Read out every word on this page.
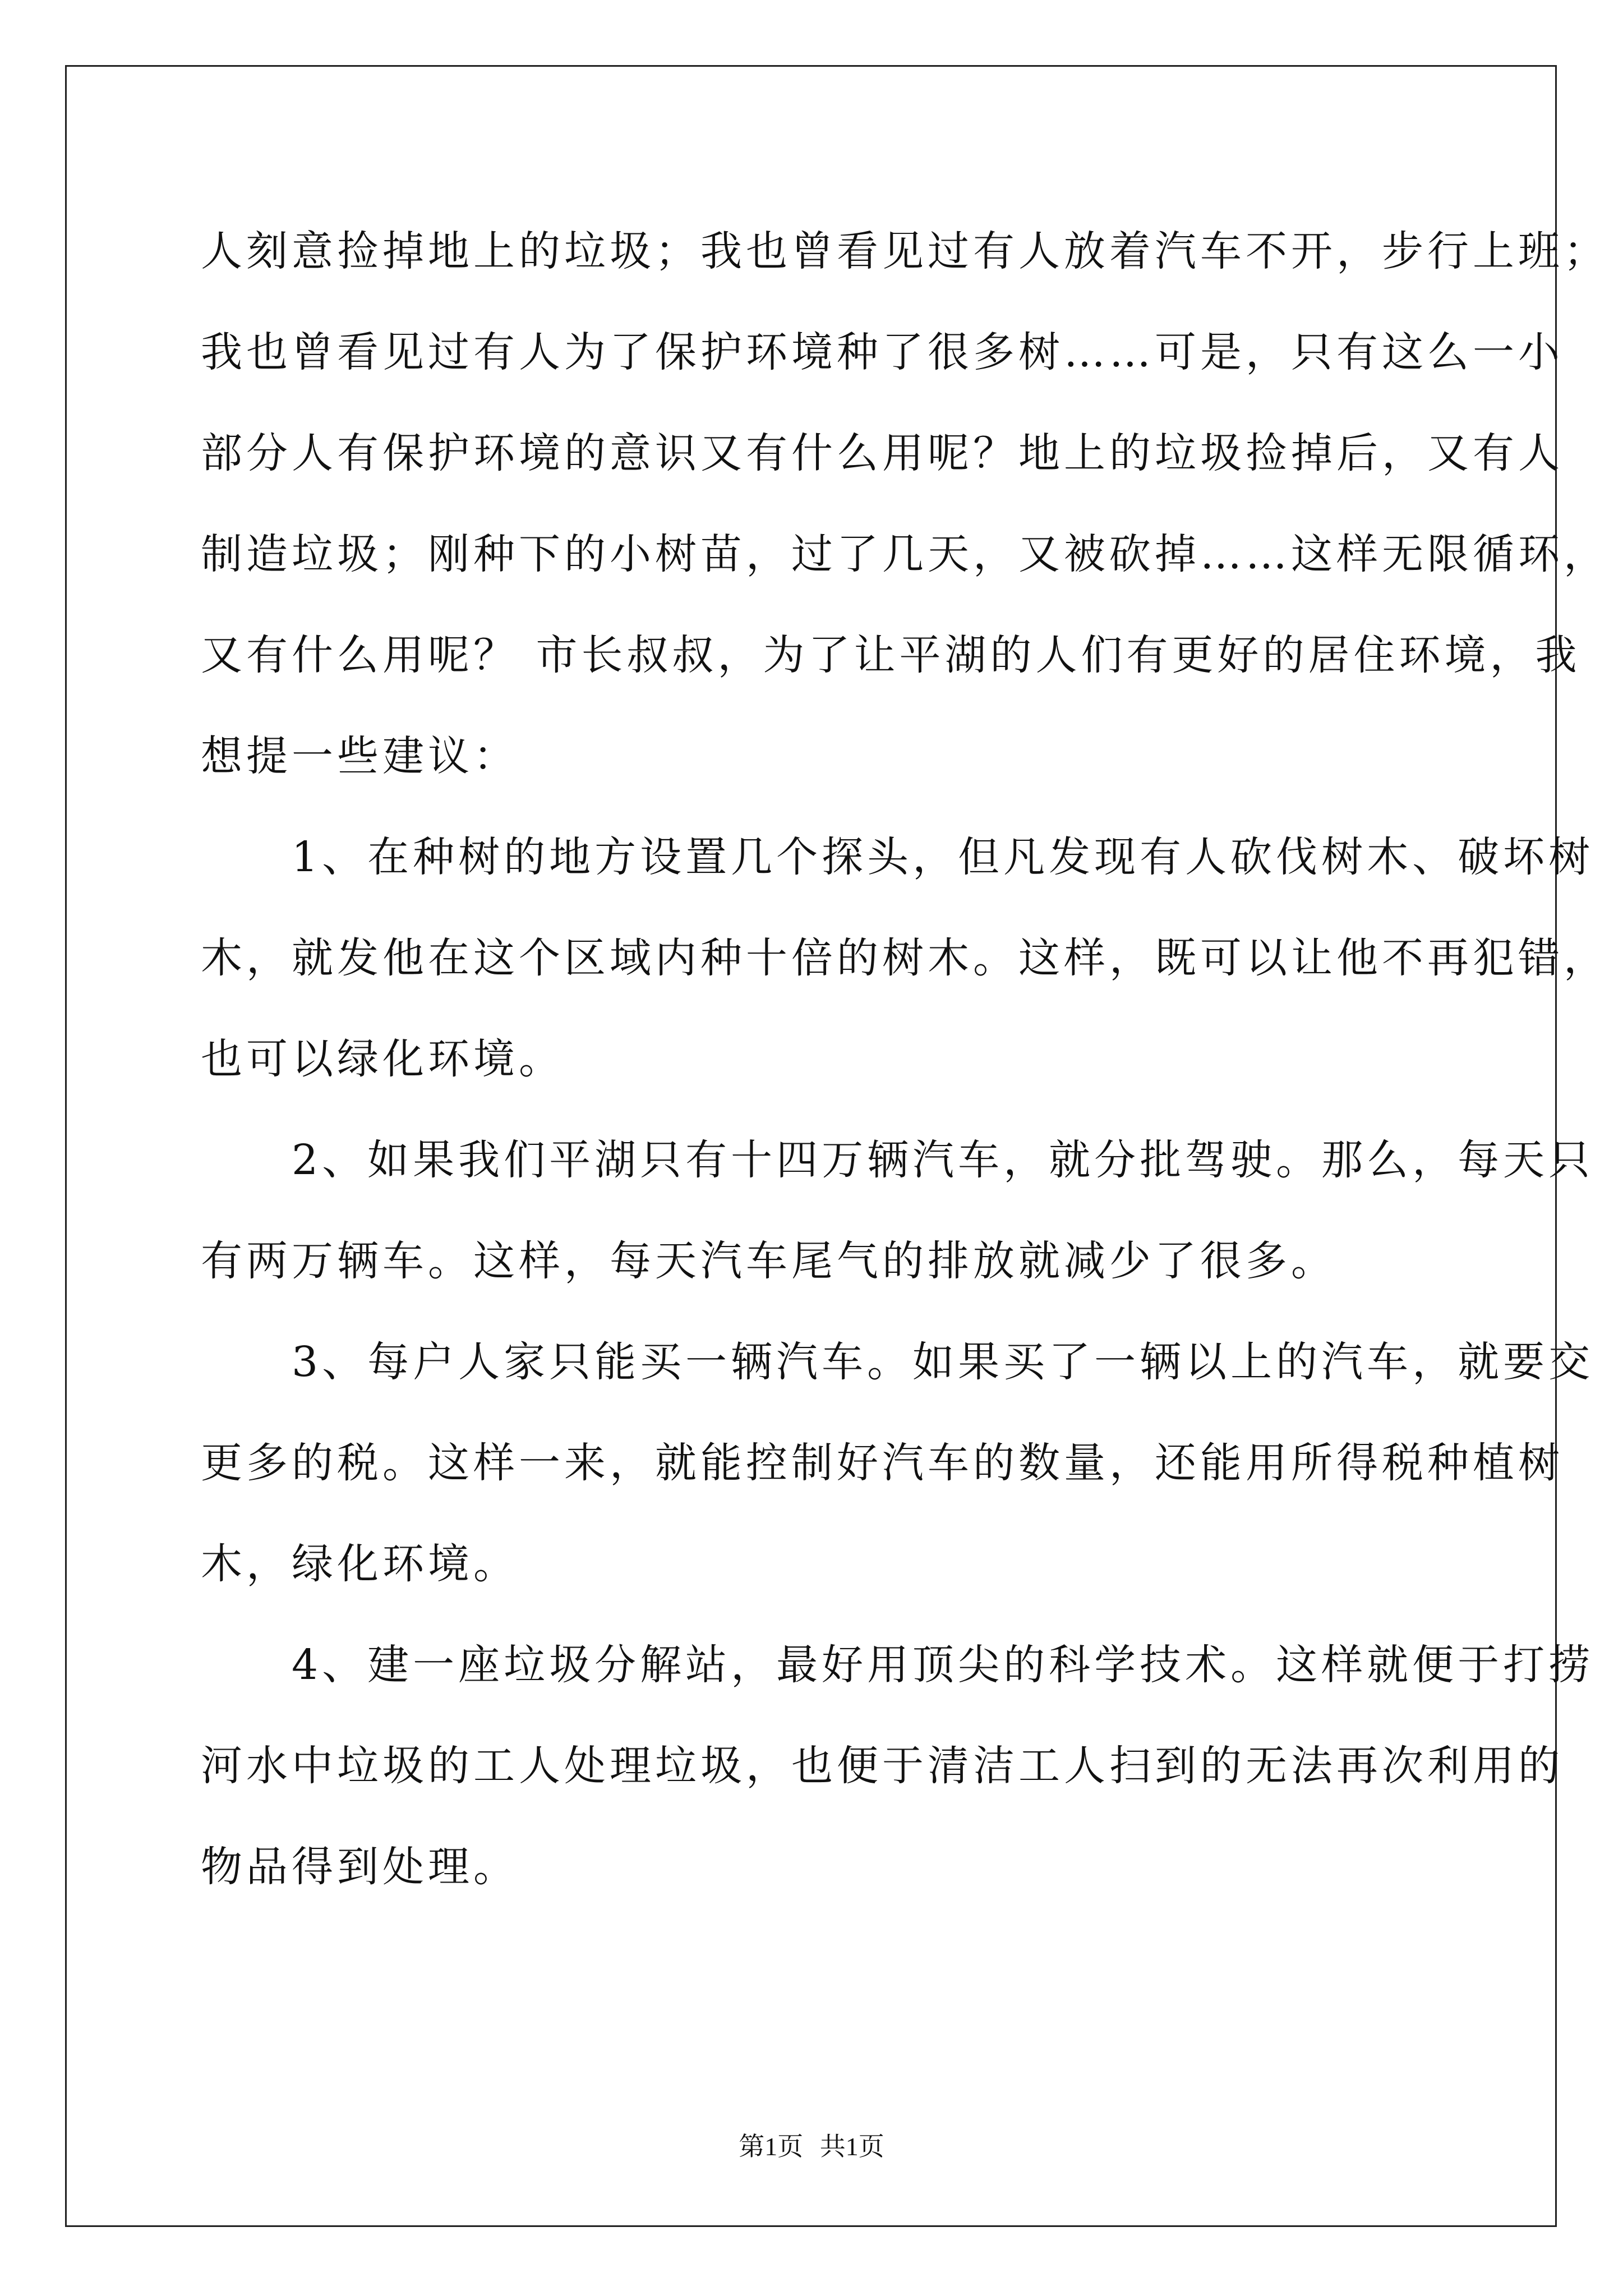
人刻意捡掉地上的垃圾；我也曾看见过有人放着汽车不开，步行上班；
我也曾看见过有人为了保护环境种了很多树……可是，只有这么一小
部分人有保护环境的意识又有什么用呢？地上的垃圾捡掉后，又有人
制造垃圾；刚种下的小树苗，过了几天，又被砍掉……这样无限循环，
又有什么用呢？ 市长叔叔，为了让平湖的人们有更好的居住环境，我
想提一些建议：
　　1、在种树的地方设置几个探头，但凡发现有人砍伐树木、破坏树
木，就发他在这个区域内种十倍的树木。这样，既可以让他不再犯错，
也可以绿化环境。
　　2、如果我们平湖只有十四万辆汽车，就分批驾驶。那么，每天只
有两万辆车。这样，每天汽车尾气的排放就减少了很多。
　　3、每户人家只能买一辆汽车。如果买了一辆以上的汽车，就要交
更多的税。这样一来，就能控制好汽车的数量，还能用所得税种植树
木，绿化环境。
　　4、建一座垃圾分解站，最好用顶尖的科学技术。这样就便于打捞
河水中垃圾的工人处理垃圾，也便于清洁工人扫到的无法再次利用的
物品得到处理。
第1页 共1页
